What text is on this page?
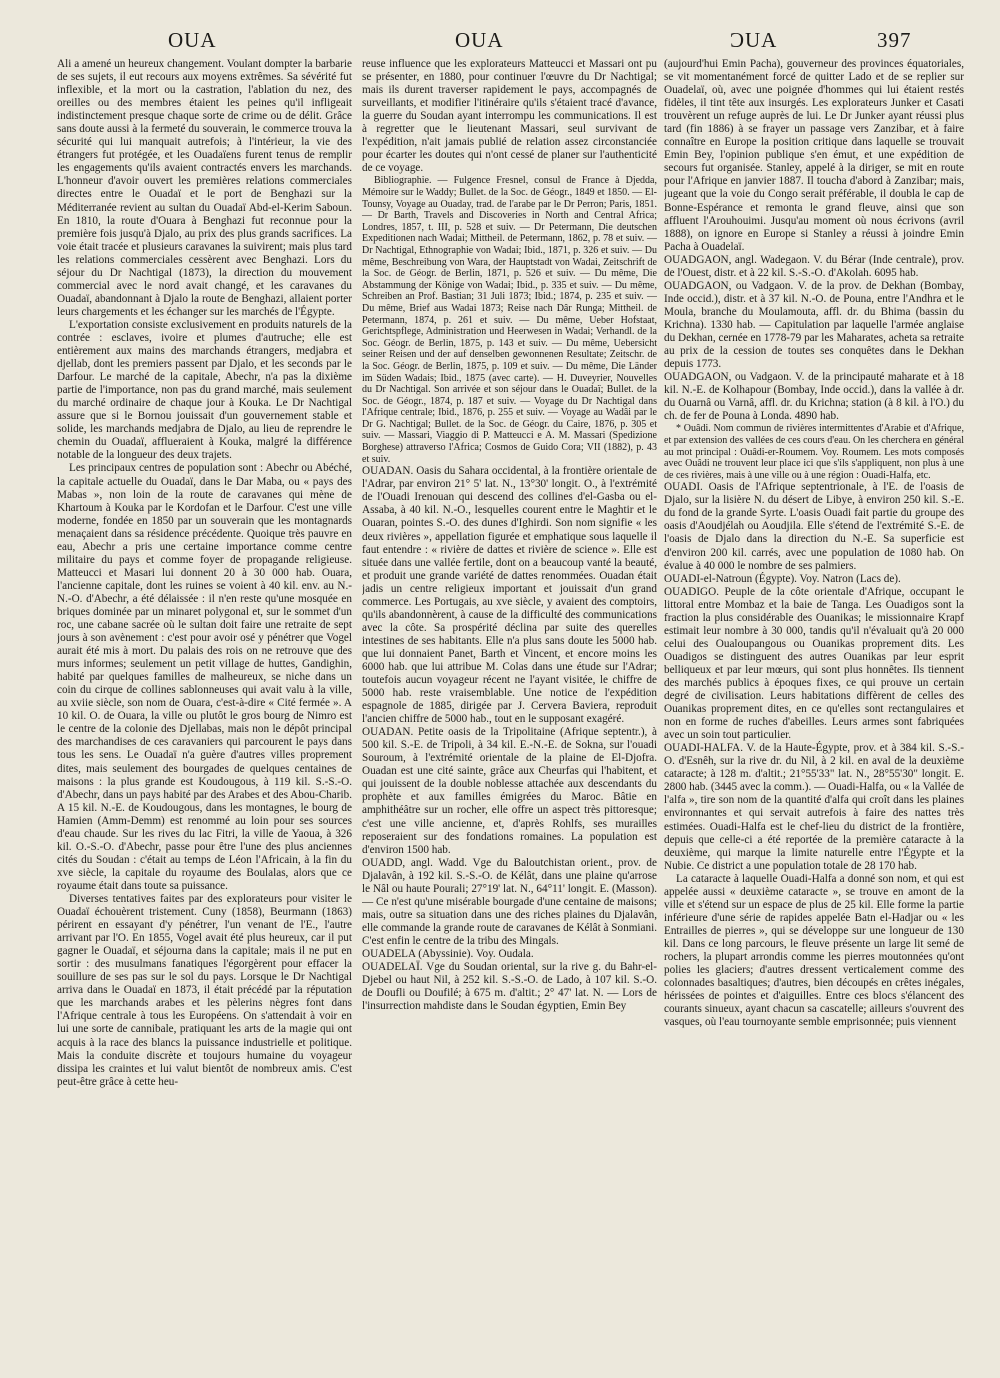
OUA	OUA	ƆUA	397

Ali a amené un heureux changement. Voulant dompter la barbarie de ses sujets, il eut recours aux moyens extrêmes. Sa sévérité fut inflexible, et la mort ou la castration, l'ablation du nez, des oreilles ou des membres étaient les peines qu'il infligeait indistinctement presque chaque sorte de crime ou de délit. Grâce sans doute aussi à la fermeté du souverain, le commerce trouva la sécurité qui lui manquait autrefois; à l'intérieur, la vie des étrangers fut protégée, et les Ouadaïens furent tenus de remplir les engagements qu'ils avaient contractés envers les marchands. L'honneur d'avoir ouvert les premières relations commerciales directes entre le Ouadaï et le port de Benghazi sur la Méditerranée revient au sultan du Ouadaï Abd-el-Kerim Saboun. En 1810, la route d'Ouara à Benghazi fut reconnue pour la première fois jusqu'à Djalo, au prix des plus grands sacrifices. La voie était tracée et plusieurs caravanes la suivirent; mais plus tard les relations commerciales cessèrent avec Benghazi. Lors du séjour du Dr Nachtigal (1873), la direction du mouvement commercial avec le nord avait changé, et les caravanes du Ouadaï, abandonnant à Djalo la route de Benghazi, allaient porter leurs chargements et les échanger sur les marchés de l'Égypte.

L'exportation consiste exclusivement en produits naturels de la contrée : esclaves, ivoire et plumes d'autruche; elle est entièrement aux mains des marchands étrangers, medjabra et djellab, dont les premiers passent par Djalo, et les seconds par le Darfour. Le marché de la capitale, Abechr, n'a pas la dixième partie de l'importance, non pas du grand marché, mais seulement du marché ordinaire de chaque jour à Kouka. Le Dr Nachtigal assure que si le Bornou jouissait d'un gouvernement stable et solide, les marchands medjabra de Djalo, au lieu de reprendre le chemin du Ouadaï, afflueraient à Kouka, malgré la différence notable de la longueur des deux trajets.

Les principaux centres de population sont : Abechr ou Abéché, la capitale actuelle du Ouadaï, dans le Dar Maba, ou « pays des Mabas », non loin de la route de caravanes qui mène de Khartoum à Kouka par le Kordofan et le Darfour. C'est une ville moderne, fondée en 1850 par un souverain que les montagnards menaçaient dans sa résidence précédente. Quoique très pauvre en eau, Abechr a pris une certaine importance comme centre militaire du pays et comme foyer de propagande religieuse. Matteucci et Masari lui donnent 20 à 30 000 hab. Ouara, l'ancienne capitale, dont les ruines se voient à 40 kil. env. au N.-N.-O. d'Abechr, a été délaissée : il n'en reste qu'une mosquée en briques dominée par un minaret polygonal et, sur le sommet d'un roc, une cabane sacrée où le sultan doit faire une retraite de sept jours à son avènement : c'est pour avoir osé y pénétrer que Vogel aurait été mis à mort. Du palais des rois on ne retrouve que des murs informes; seulement un petit village de huttes, Gandighin, habité par quelques familles de malheureux, se niche dans un coin du cirque de collines sablonneuses qui avait valu à la ville, au xviie siècle, son nom de Ouara, c'est-à-dire « Cité fermée ». A 10 kil. O. de Ouara, la ville ou plutôt le gros bourg de Nimro est le centre de la colonie des Djellabas, mais non le dépôt principal des marchandises de ces caravaniers qui parcourent le pays dans tous les sens. Le Ouadaï n'a guère d'autres villes proprement dites, mais seulement des bourgades de quelques centaines de maisons : la plus grande est Koudougous, à 119 kil. S.-S.-O. d'Abechr, dans un pays habité par des Arabes et des Abou-Charib. A 15 kil. N.-E. de Koudougous, dans les montagnes, le bourg de Hamien (Amm-Demm) est renommé au loin pour ses sources d'eau chaude. Sur les rives du lac Fitri, la ville de Yaoua, à 326 kil. O.-S.-O. d'Abechr, passe pour être l'une des plus anciennes cités du Soudan : c'était au temps de Léon l'Africain, à la fin du xve siècle, la capitale du royaume des Boulalas, alors que ce royaume était dans toute sa puissance.

Diverses tentatives faites par des explorateurs pour visiter le Ouadaï échouèrent tristement. Cuny (1858), Beurmann (1863) périrent en essayant d'y pénétrer, l'un venant de l'E., l'autre arrivant par l'O. En 1855, Vogel avait été plus heureux, car il put gagner le Ouadaï, et séjourna dans la capitale; mais il ne put en sortir : des musulmans fanatiques l'égorgèrent pour effacer la souillure de ses pas sur le sol du pays. Lorsque le Dr Nachtigal arriva dans le Ouadaï en 1873, il était précédé par la réputation que les marchands arabes et les pèlerins nègres font dans l'Afrique centrale à tous les Européens. On s'attendait à voir en lui une sorte de cannibale, pratiquant les arts de la magie qui ont acquis à la race des blancs la puissance industrielle et politique. Mais la conduite discrète et toujours humaine du voyageur dissipa les craintes et lui valut bientôt de nombreux amis. C'est peut-être grâce à cette heu-

reuse influence que les explorateurs Matteucci et Massari ont pu se présenter, en 1880, pour continuer l'œuvre du Dr Nachtigal; mais ils durent traverser rapidement le pays, accompagnés de surveillants, et modifier l'itinéraire qu'ils s'étaient tracé d'avance, la guerre du Soudan ayant interrompu les communications. Il est à regretter que le lieutenant Massari, seul survivant de l'expédition, n'ait jamais publié de relation assez circonstanciée pour écarter les doutes qui n'ont cessé de planer sur l'authenticité de ce voyage.

Bibliographie. — Fulgence Fresnel, consul de France à Djedda, Mémoire sur le Waddy; Bullet. de la Soc. de Géogr., 1849 et 1850. — El-Tounsy, Voyage au Ouaday, trad. de l'arabe par le Dr Perron; Paris, 1851. — Dr Barth, Travels and Discoveries in North and Central Africa; Londres, 1857, t. III, p. 528 et suiv. — Dr Petermann, Die deutschen Expeditionen nach Wadai; Mittheil. de Petermann, 1862, p. 78 et suiv. — Dr Nachtigal, Ethnographie von Wadai; Ibid., 1871, p. 326 et suiv. — Du même, Beschreibung von Wara, der Hauptstadt von Wadai, Zeitschrift de la Soc. de Géogr. de Berlin, 1871, p. 526 et suiv. — Du même, Die Abstammung der Könige von Wadai; Ibid., p. 335 et suiv. — Du même, Schreiben an Prof. Bastian; 31 Juli 1873; Ibid.; 1874, p. 235 et suiv. — Du même, Brief aus Wadai 1873; Reise nach Dâr Runga; Mittheil. de Petermann, 1874, p. 261 et suiv. — Du même, Ueber Hofstaat, Gerichtspflege, Administration und Heerwesen in Wadai; Verhandl. de la Soc. Géogr. de Berlin, 1875, p. 143 et suiv. — Du même, Uebersicht seiner Reisen und der auf denselben gewonnenen Resultate; Zeitschr. de la Soc. Géogr. de Berlin, 1875, p. 109 et suiv. — Du même, Die Länder im Süden Wadais; Ibid., 1875 (avec carte). — H. Duveyrier, Nouvelles du Dr Nachtigal. Son arrivée et son séjour dans le Ouadaï; Bullet. de la Soc. de Géogr., 1874, p. 187 et suiv. — Voyage du Dr Nachtigal dans l'Afrique centrale; Ibid., 1876, p. 255 et suiv. — Voyage au Wadâi par le Dr G. Nachtigal; Bullet. de la Soc. de Géogr. du Caire, 1876, p. 305 et suiv. — Massari, Viaggio di P. Matteucci e A. M. Massari (Spedizione Borghese) attraverso l'Africa; Cosmos de Guido Cora; VII (1882), p. 43 et suiv.

OUADAN. Oasis du Sahara occidental, à la frontière orientale de l'Adrar, par environ 21° 5' lat. N., 13°30' longit. O., à l'extrémité de l'Ouadi Irenouan qui descend des collines d'el-Gasba ou el-Assaba, à 40 kil. N.-O., lesquelles courent entre le Maghtir et le Ouaran, pointes S.-O. des dunes d'Ighirdi. Son nom signifie « les deux rivières », appellation figurée et emphatique sous laquelle il faut entendre : « rivière de dattes et rivière de science ». Elle est située dans une vallée fertile, dont on a beaucoup vanté la beauté, et produit une grande variété de dattes renommées. Ouadan était jadis un centre religieux important et jouissait d'un grand commerce. Les Portugais, au xve siècle, y avaient des comptoirs, qu'ils abandonnèrent, à cause de la difficulté des communications avec la côte. Sa prospérité déclina par suite des querelles intestines de ses habitants. Elle n'a plus sans doute les 5000 hab. que lui donnaient Panet, Barth et Vincent, et encore moins les 6000 hab. que lui attribue M. Colas dans une étude sur l'Adrar; toutefois aucun voyageur récent ne l'ayant visitée, le chiffre de 5000 hab. reste vraisemblable. Une notice de l'expédition espagnole de 1885, dirigée par J. Cervera Baviera, reproduit l'ancien chiffre de 5000 hab., tout en le supposant exagéré.

OUADAN. Petite oasis de la Tripolitaine (Afrique septentr.), à 500 kil. S.-E. de Tripoli, à 34 kil. E.-N.-E. de Sokna, sur l'ouadi Souroum, à l'extrémité orientale de la plaine de El-Djofra. Ouadan est une cité sainte, grâce aux Cheurfas qui l'habitent, et qui jouissent de la double noblesse attachée aux descendants du prophète et aux familles émigrées du Maroc. Bâtie en amphithéâtre sur un rocher, elle offre un aspect très pittoresque; c'est une ville ancienne, et, d'après Rohlfs, ses murailles reposeraient sur des fondations romaines. La population est d'environ 1500 hab.

OUADD, angl. Wadd. Vge du Baloutchistan orient., prov. de Djalavân, à 192 kil. S.-S.-O. de Kélât, dans une plaine qu'arrose le Nâl ou haute Pourali; 27°19' lat. N., 64°11' longit. E. (Masson). — Ce n'est qu'une misérable bourgade d'une centaine de maisons; mais, outre sa situation dans une des riches plaines du Djalavân, elle commande la grande route de caravanes de Kélât à Sonmiani. C'est enfin le centre de la tribu des Mingals.

OUADELA (Abyssinie). Voy. Oudala.

OUADELAÏ. Vge du Soudan oriental, sur la rive g. du Bahr-el-Djebel ou haut Nil, à 252 kil. S.-S.-O. de Lado, à 107 kil. S.-O. de Doufli ou Doufilé; à 675 m. d'altit.; 2° 47' lat. N. — Lors de l'insurrection mahdiste dans le Soudan égyptien, Emin Bey

(aujourd'hui Emin Pacha), gouverneur des provinces équatoriales, se vit momentanément forcé de quitter Lado et de se replier sur Ouadelaï, où, avec une poignée d'hommes qui lui étaient restés fidèles, il tint tête aux insurgés. Les explorateurs Junker et Casati trouvèrent un refuge auprès de lui. Le Dr Junker ayant réussi plus tard (fin 1886) à se frayer un passage vers Zanzibar, et à faire connaître en Europe la position critique dans laquelle se trouvait Emin Bey, l'opinion publique s'en émut, et une expédition de secours fut organisée. Stanley, appelé à la diriger, se mit en route pour l'Afrique en janvier 1887. Il toucha d'abord à Zanzibar; mais, jugeant que la voie du Congo serait préférable, il doubla le cap de Bonne-Espérance et remonta le grand fleuve, ainsi que son affluent l'Arouhouimi. Jusqu'au moment où nous écrivons (avril 1888), on ignore en Europe si Stanley a réussi à joindre Emin Pacha à Ouadelaï.

OUADGAON, angl. Wadegaon. V. du Bérar (Inde centrale), prov. de l'Ouest, distr. et à 22 kil. S.-S.-O. d'Akolah. 6095 hab.

OUADGAON, ou Vadgaon. V. de la prov. de Dekhan (Bombay, Inde occid.), distr. et à 37 kil. N.-O. de Pouna, entre l'Andhra et le Moula, branche du Moulamouta, affl. dr. du Bhima (bassin du Krichna). 1330 hab. — Capitulation par laquelle l'armée anglaise du Dekhan, cernée en 1778-79 par les Maharates, acheta sa retraite au prix de la cession de toutes ses conquêtes dans le Dekhan depuis 1773.

OUADGAON, ou Vadgaon. V. de la principauté maharate et à 18 kil. N.-E. de Kolhapour (Bombay, Inde occid.), dans la vallée à dr. du Ouarnâ ou Varnâ, affl. dr. du Krichna; station (à 8 kil. à l'O.) du ch. de fer de Pouna à Londa. 4890 hab.

* Ouâdi. Nom commun de rivières intermittentes d'Arabie et d'Afrique, et par extension des vallées de ces cours d'eau. On les cherchera en général au mot principal : Ouâdi-er-Roumem. Voy. Roumem. Les mots composés avec Ouâdi ne trouvent leur place ici que s'ils s'appliquent, non plus à une de ces rivières, mais à une ville ou à une région : Ouadi-Halfa, etc.

OUADI. Oasis de l'Afrique septentrionale, à l'E. de l'oasis de Djalo, sur la lisière N. du désert de Libye, à environ 250 kil. S.-E. du fond de la grande Syrte. L'oasis Ouadi fait partie du groupe des oasis d'Aoudjélah ou Aoudjila. Elle s'étend de l'extrémité S.-E. de l'oasis de Djalo dans la direction du N.-E. Sa superficie est d'environ 200 kil. carrés, avec une population de 1080 hab. On évalue à 40 000 le nombre de ses palmiers.

OUADI-el-Natroun (Égypte). Voy. Natron (Lacs de).

OUADIGO. Peuple de la côte orientale d'Afrique, occupant le littoral entre Mombaz et la baie de Tanga. Les Ouadigos sont la fraction la plus considérable des Ouanikas; le missionnaire Krapf estimait leur nombre à 30 000, tandis qu'il n'évaluait qu'à 20 000 celui des Oualoupangous ou Ouanikas proprement dits. Les Ouadigos se distinguent des autres Ouanikas par leur esprit belliqueux et par leur mœurs, qui sont plus honnêtes. Ils tiennent des marchés publics à époques fixes, ce qui prouve un certain degré de civilisation. Leurs habitations diffèrent de celles des Ouanikas proprement dites, en ce qu'elles sont rectangulaires et non en forme de ruches d'abeilles. Leurs armes sont fabriquées avec un soin tout particulier.

OUADI-HALFA. V. de la Haute-Égypte, prov. et à 384 kil. S.-S.-O. d'Esnêh, sur la rive dr. du Nil, à 2 kil. en aval de la deuxième cataracte; à 128 m. d'altit.; 21°55'33" lat. N., 28°55'30" longit. E. 2800 hab. (3445 avec la comm.). — Ouadi-Halfa, ou « la Vallée de l'alfa », tire son nom de la quantité d'alfa qui croît dans les plaines environnantes et qui servait autrefois à faire des nattes très estimées. Ouadi-Halfa est le chef-lieu du district de la frontière, depuis que celle-ci a été reportée de la première cataracte à la deuxième, qui marque la limite naturelle entre l'Égypte et la Nubie. Ce district a une population totale de 28 170 hab.

La cataracte à laquelle Ouadi-Halfa a donné son nom, et qui est appelée aussi « deuxième cataracte », se trouve en amont de la ville et s'étend sur un espace de plus de 25 kil. Elle forme la partie inférieure d'une série de rapides appelée Batn el-Hadjar ou « les Entrailles de pierres », qui se développe sur une longueur de 130 kil. Dans ce long parcours, le fleuve présente un large lit semé de rochers, la plupart arrondis comme les pierres moutonnées qu'ont polies les glaciers; d'autres dressent verticalement comme des colonnades basaltiques; d'autres, bien découpés en crêtes inégales, hérissées de pointes et d'aiguilles. Entre ces blocs s'élancent des courants sinueux, ayant chacun sa cascatelle; ailleurs s'ouvrent des vasques, où l'eau tournoyante semble emprisonnée; puis viennent
